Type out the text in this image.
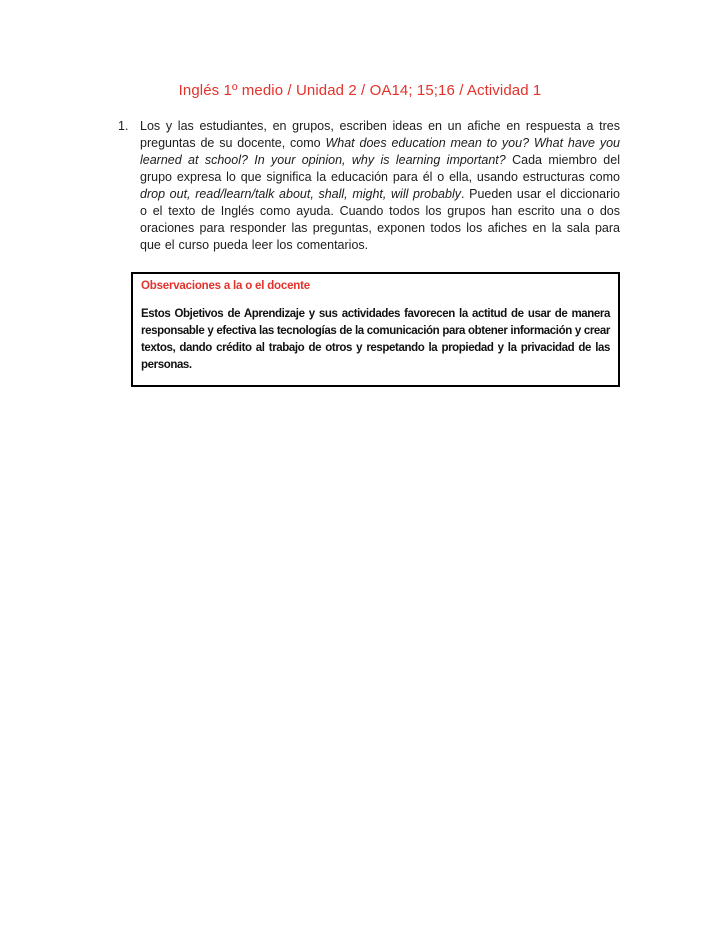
Inglés 1º medio / Unidad 2 / OA14; 15;16 / Actividad 1
1. Los y las estudiantes, en grupos, escriben ideas en un afiche en respuesta a tres preguntas de su docente, como What does education mean to you? What have you learned at school? In your opinion, why is learning important? Cada miembro del grupo expresa lo que significa la educación para él o ella, usando estructuras como drop out, read/learn/talk about, shall, might, will probably. Pueden usar el diccionario o el texto de Inglés como ayuda. Cuando todos los grupos han escrito una o dos oraciones para responder las preguntas, exponen todos los afiches en la sala para que el curso pueda leer los comentarios.
Observaciones a la o el docente
Estos Objetivos de Aprendizaje y sus actividades favorecen la actitud de usar de manera responsable y efectiva las tecnologías de la comunicación para obtener información y crear textos, dando crédito al trabajo de otros y respetando la propiedad y la privacidad de las personas.
